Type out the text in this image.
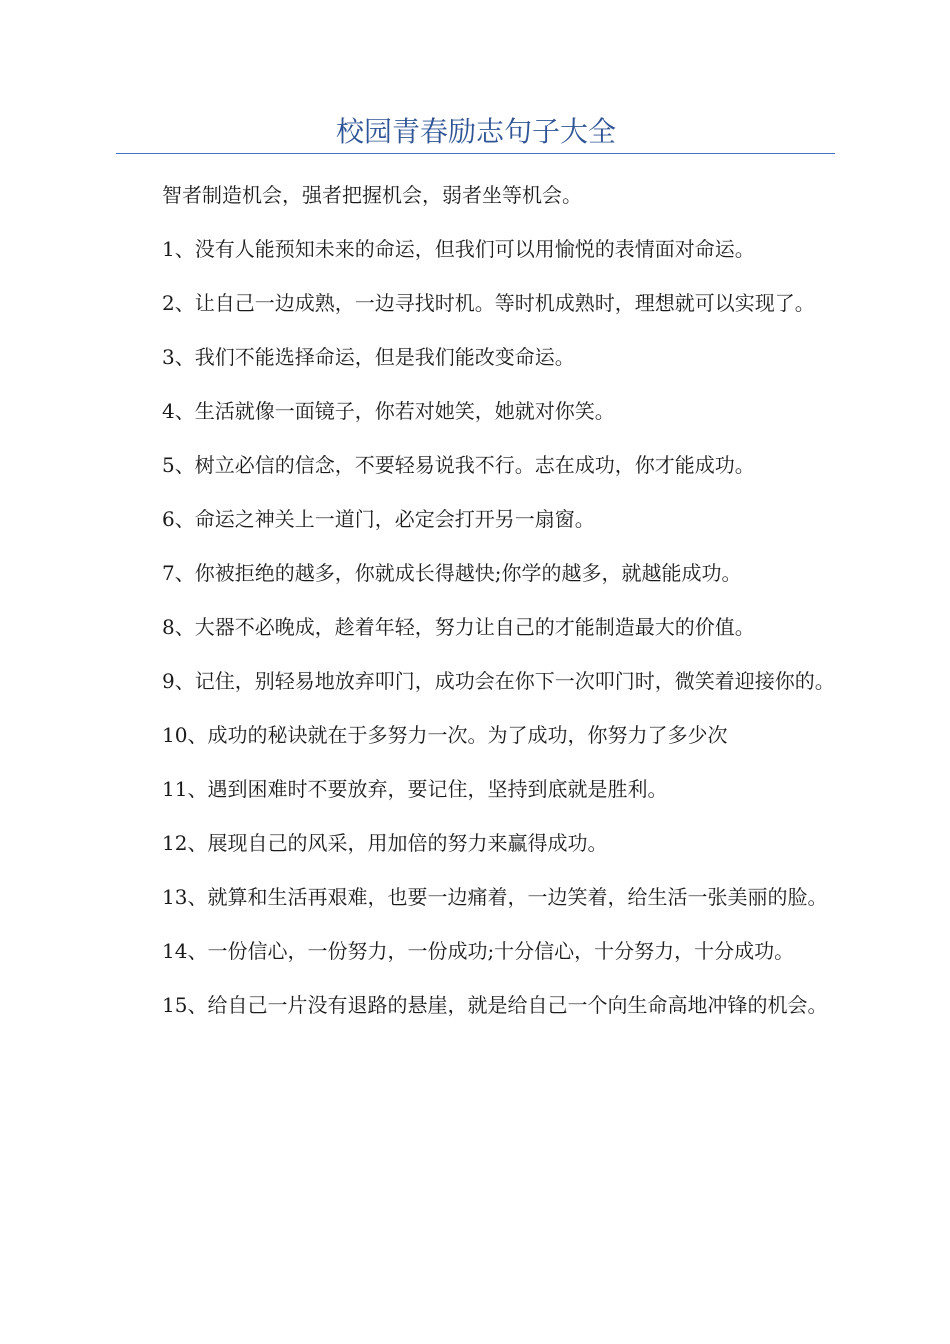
校园青春励志句子大全

智者制造机会，强者把握机会，弱者坐等机会。

1、没有人能预知未来的命运，但我们可以用愉悦的表情面对命运。

2、让自己一边成熟，一边寻找时机。等时机成熟时，理想就可以实现了。

3、我们不能选择命运，但是我们能改变命运。

4、生活就像一面镜子，你若对她笑，她就对你笑。

5、树立必信的信念，不要轻易说我不行。志在成功，你才能成功。

6、命运之神关上一道门，必定会打开另一扇窗。

7、你被拒绝的越多，你就成长得越快;你学的越多，就越能成功。

8、大器不必晚成，趁着年轻，努力让自己的才能制造最大的价值。

9、记住，别轻易地放弃叩门，成功会在你下一次叩门时，微笑着迎接你的。

10、成功的秘诀就在于多努力一次。为了成功，你努力了多少次

11、遇到困难时不要放弃，要记住，坚持到底就是胜利。

12、展现自己的风采，用加倍的努力来赢得成功。

13、就算和生活再艰难，也要一边痛着，一边笑着，给生活一张美丽的脸。

14、一份信心，一份努力，一份成功;十分信心，十分努力，十分成功。

15、给自己一片没有退路的悬崖，就是给自己一个向生命高地冲锋的机会。
